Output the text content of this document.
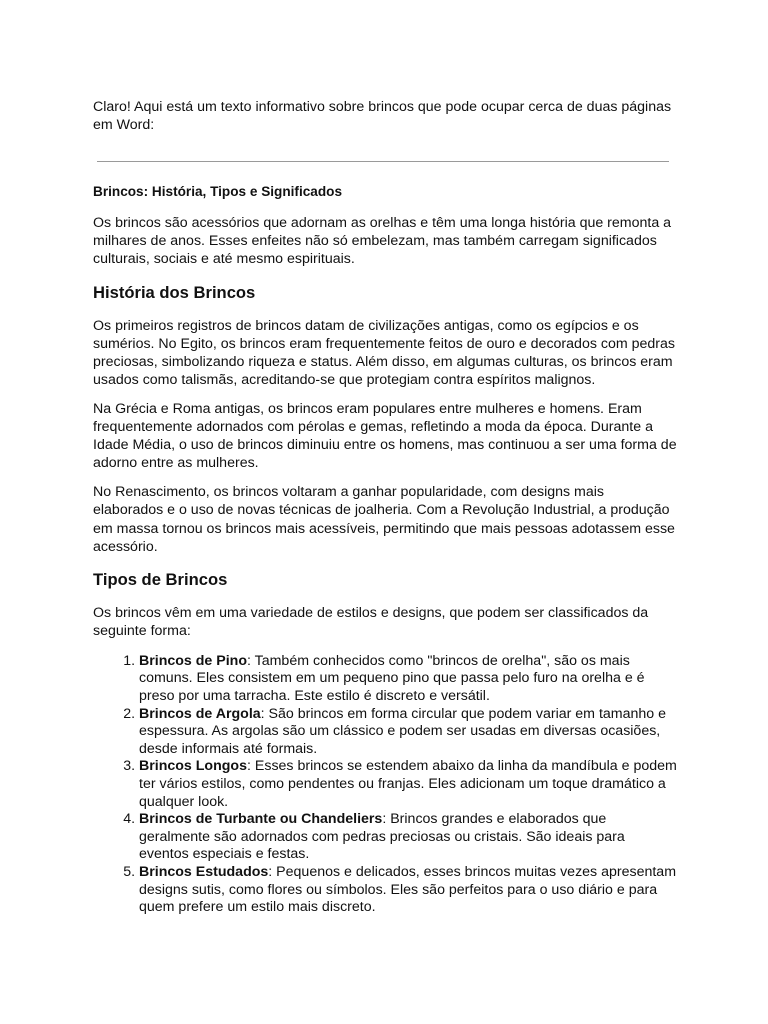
Claro! Aqui está um texto informativo sobre brincos que pode ocupar cerca de duas páginas em Word:

Brincos: História, Tipos e Significados

Os brincos são acessórios que adornam as orelhas e têm uma longa história que remonta a milhares de anos. Esses enfeites não só embelezam, mas também carregam significados culturais, sociais e até mesmo espirituais.

História dos Brincos

Os primeiros registros de brincos datam de civilizações antigas, como os egípcios e os sumérios. No Egito, os brincos eram frequentemente feitos de ouro e decorados com pedras preciosas, simbolizando riqueza e status. Além disso, em algumas culturas, os brincos eram usados como talismãs, acreditando-se que protegiam contra espíritos malignos.

Na Grécia e Roma antigas, os brincos eram populares entre mulheres e homens. Eram frequentemente adornados com pérolas e gemas, refletindo a moda da época. Durante a Idade Média, o uso de brincos diminuiu entre os homens, mas continuou a ser uma forma de adorno entre as mulheres.

No Renascimento, os brincos voltaram a ganhar popularidade, com designs mais elaborados e o uso de novas técnicas de joalheria. Com a Revolução Industrial, a produção em massa tornou os brincos mais acessíveis, permitindo que mais pessoas adotassem esse acessório.

Tipos de Brincos

Os brincos vêm em uma variedade de estilos e designs, que podem ser classificados da seguinte forma:

1. Brincos de Pino: Também conhecidos como "brincos de orelha", são os mais comuns. Eles consistem em um pequeno pino que passa pelo furo na orelha e é preso por uma tarracha. Este estilo é discreto e versátil.
2. Brincos de Argola: São brincos em forma circular que podem variar em tamanho e espessura. As argolas são um clássico e podem ser usadas em diversas ocasiões, desde informais até formais.
3. Brincos Longos: Esses brincos se estendem abaixo da linha da mandíbula e podem ter vários estilos, como pendentes ou franjas. Eles adicionam um toque dramático a qualquer look.
4. Brincos de Turbante ou Chandeliers: Brincos grandes e elaborados que geralmente são adornados com pedras preciosas ou cristais. São ideais para eventos especiais e festas.
5. Brincos Estudados: Pequenos e delicados, esses brincos muitas vezes apresentam designs sutis, como flores ou símbolos. Eles são perfeitos para o uso diário e para quem prefere um estilo mais discreto.
